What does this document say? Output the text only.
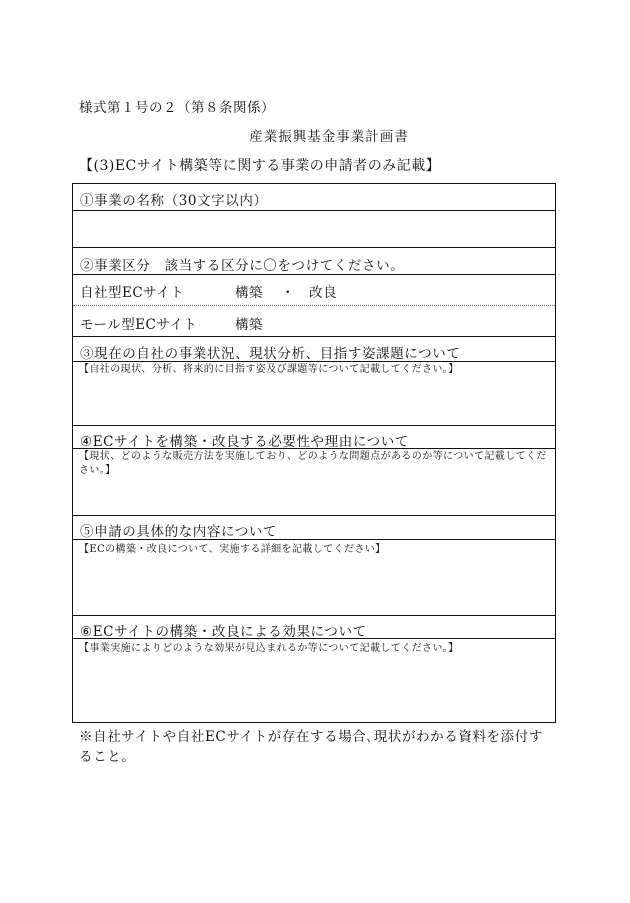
様式第１号の２（第８条関係）
産業振興基金事業計画書
【(3)ECサイト構築等に関する事業の申請者のみ記載】
①事業の名称（30文字以内）
②事業区分　該当する区分に〇をつけてください。
自社型ECサイト	構築 ・ 改良
モール型ECサイト	構築
③現在の自社の事業状況、現状分析、目指す姿課題について
【自社の現状、分析、将来的に目指す姿及び課題等について記載してください。】
④ECサイトを構築・改良する必要性や理由について
【現状、どのような販売方法を実施しており、どのような問題点があるのか等について記載してください。】
⑤申請の具体的な内容について
【ECの構築・改良について、実施する詳細を記載してください】
⑥ECサイトの構築・改良による効果について
【事業実施によりどのような効果が見込まれるか等について記載してください。】
※自社サイトや自社ECサイトが存在する場合､現状がわかる資料を添付すること。
